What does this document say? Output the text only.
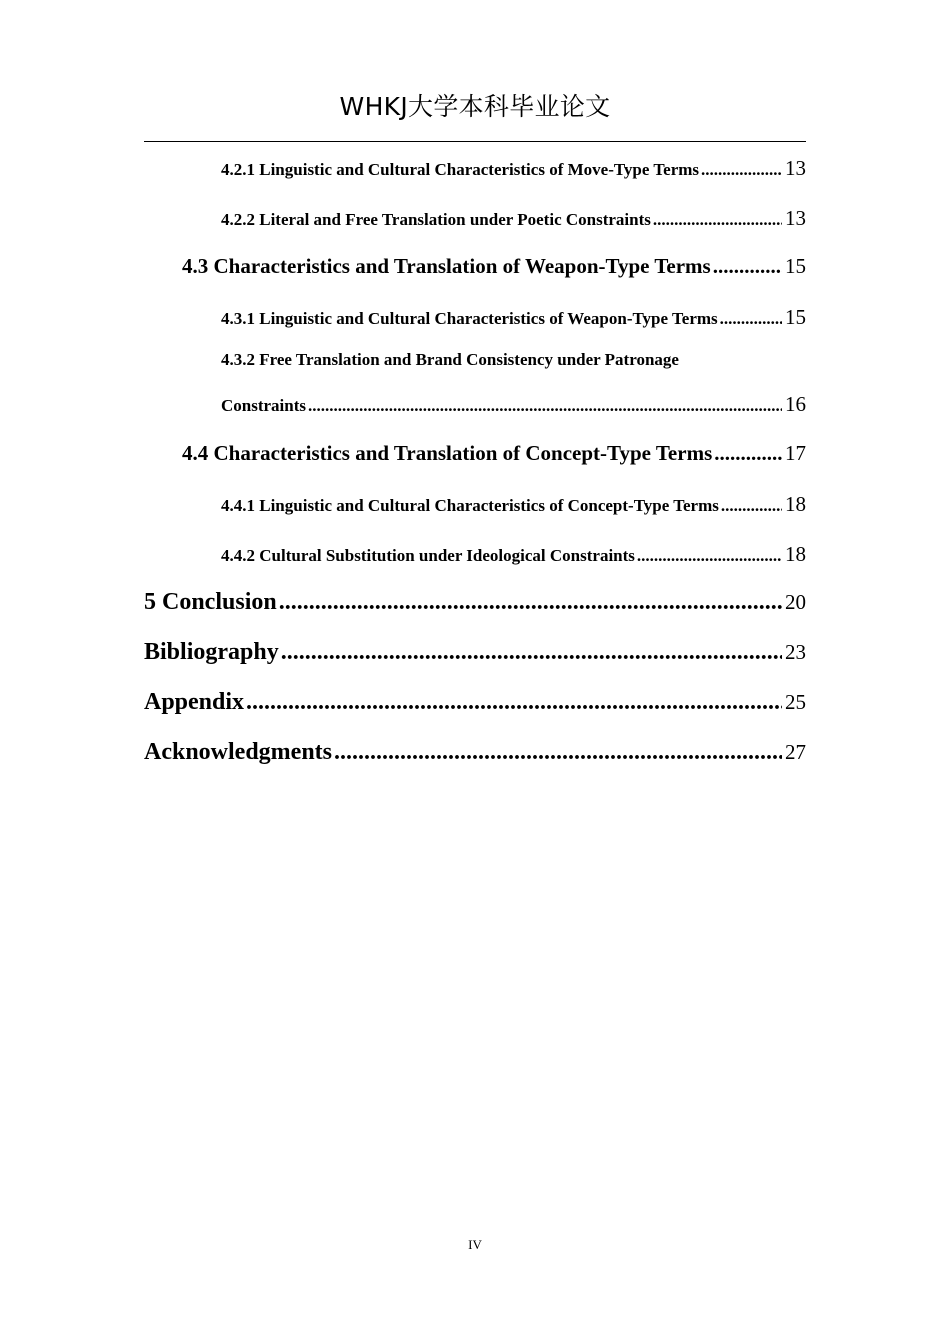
WHKJ大学本科毕业论文
4.2.1 Linguistic and Cultural Characteristics of Move-Type Terms .....	13
4.2.2 Literal and Free Translation under Poetic Constraints .....	13
4.3 Characteristics and Translation of Weapon-Type Terms .....	15
4.3.1 Linguistic and Cultural Characteristics of Weapon-Type Terms .....	15
4.3.2 Free Translation and Brand Consistency under Patronage
Constraints .....	16
4.4 Characteristics and Translation of Concept-Type Terms .....	17
4.4.1 Linguistic and Cultural Characteristics of Concept-Type Terms .....	18
4.4.2 Cultural Substitution under Ideological Constraints .....	18
5 Conclusion .....	20
Bibliography .....	23
Appendix .....	25
Acknowledgments .....	27
IV
